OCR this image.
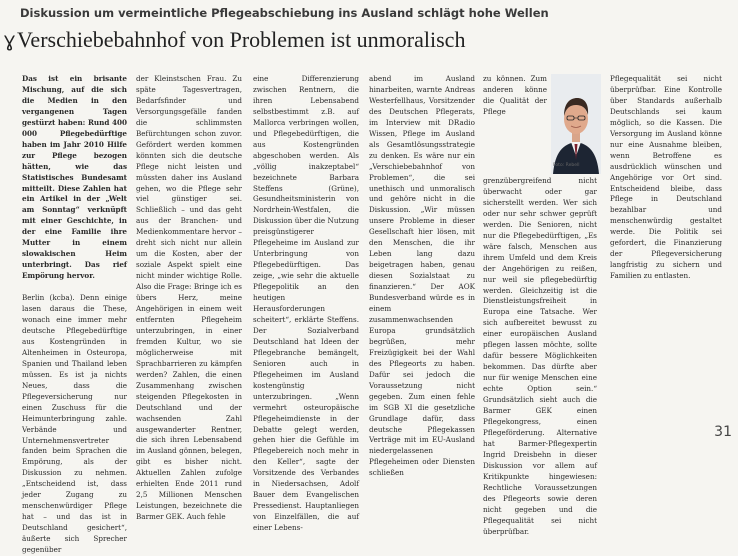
Diskussion um vermeintliche Pflegeabschiebung ins Ausland schlägt hohe Wellen
ƔVerschiebebahnhof von Problemen ist unmoralisch

Das ist ein brisante Mischung, auf die sich die Medien in den vergangenen Tagen gestürzt haben: Rund 400 000 Pflegebedürftige haben im Jahr 2010 Hilfe zur Pflege bezogen hätten, wie das Statistisches Bundesamt mitteilt. Diese Zahlen hat ein Artikel in der „Welt am Sonntag“ verknüpft mit einer Geschichte, in der eine Familie ihre Mutter in einem slowakischen Heim unterbringt. Das rief Empörung hervor.

Berlin (kcba). Denn einige lasen daraus die These, wonach eine immer mehr deutsche Pflegebedürftige aus Kostengründen in Altenheimen in Osteuropa, Spanien und Thailand leben müssen. Es ist ja nichts Neues, dass die Pflegeversicherung nur einen Zuschuss für die Heimunterbringung zahle. Verbände und Unternehmensvertreter fanden beim Sprachen die Empörung, als der Diskussion zu nehmen. „Entscheidend ist, dass jeder Zugang zu menschenwürdiger Pflege hat – und das ist in Deutschland gesichert“, äußerte sich Sprecher gegenüber

der Kleinstschen Frau. Zu späte Tagesvertragen, Bedarfsfinder und Versorgungsgefälle fanden die schlimmsten Befürchtungen schon zuvor. Gefördert werden kommen könnten sich die deutsche Pflege nicht leisten und müssten daher ins Ausland gehen, wo die Pflege sehr viel günstiger sei. Schließlich – und das geht aus der Branchen- und Medienkommentare hervor – dreht sich nicht nur allein um die Kosten, aber der soziale Aspekt spielt eine nicht minder wichtige Rolle. Also die Frage: Bringe ich es übers Herz, meine Angehörigen in einem weit entfernten Pflegeheim unterzubringen, in einer fremden Kultur, wo sie möglicherweise mit Sprachbarrieren zu kämpfen werden? Zahlen, die einen Zusammenhang zwischen steigenden Pflegekosten in Deutschland und der wachsenden Zahl ausgewanderter Rentner, die sich ihren Lebensabend im Ausland gönnen, belegen, gibt es bisher nicht. Aktuellen Zahlen zufolge erhielten Ende 2011 rund 2,5 Millionen Menschen Leistungen, bezeichnete die Barmer GEK. Auch fehle

eine Differenzierung zwischen Rentnern, die ihren Lebensabend selbstbestimmt z.B. auf Mallorca verbringen wollen, und Pflegebedürftigen, die aus Kostengründen abgeschoben werden. Als „völlig inakzeptabel“ bezeichnete Barbara Steffens (Grüne), Gesundheitsministerin von Nordrhein-Westfalen, die Diskussion über die Nutzung preisgünstigerer Pflegeheime im Ausland zur Unterbringung von Pflegebedürftigen. Das zeige, „wie sehr die aktuelle Pflegepolitik an den heutigen Herausforderungen scheitert“, erklärte Steffens. Der Sozialverband Deutschland hat Ideen der Pflegebranche bemängelt, Senioren auch in Pflegeheimen im Ausland kostengünstig unterzubringen. „Wenn vermehrt osteuropäische Pflegeheimdienste in der Debatte gelegt werden, gehen hier die Gefühle im Pflegebereich noch mehr in den Keller“, sagte der Vorsitzende des Verbandes in Niedersachsen, Adolf Bauer dem Evangelischen Pressedienst. Hauptanliegen von Einzelfällen, die auf einer Lebens-

abend im Ausland hinarbeiten, warnte Andreas Westerfellhaus, Vorsitzender des Deutschen Pflegerats, im Interview mit DRadio Wissen, Pflege im Ausland als Gesamtlösungsstrategie zu denken. Es wäre nur ein „Verschiebebahnhof von Problemen“, die sei unethisch und unmoralisch und gehöre nicht in die Diskussion. „Wir müssen unsere Probleme in dieser Gesellschaft hier lösen, mit den Menschen, die ihr Leben lang dazu beigetragen haben, genau diesen Sozialstaat zu finanzieren.“ Der AOK Bundesverband würde es in einem zusammenwachsenden Europa grundsätzlich begrüßen, mehr Freizügigkeit bei der Wahl des Pflegeorts zu haben. Dafür sei jedoch die Voraussetzung nicht gegeben. Zum einen fehle im SGB XI die gesetzliche Grundlage dafür, dass deutsche Pflegekassen Verträge mit im EU-Ausland niedergelassenen Pflegeheimen oder Diensten schließen

Foto: Rebell

zu können. Zum anderen könne die Qualität der Pflege grenzübergreifend nicht überwacht oder gar sicherstellt werden. Wer sich oder nur sehr schwer geprüft werden. Die Senioren, nicht nur die Pflegebedürftigen, „Es wäre falsch, Menschen aus ihrem Umfeld und dem Kreis der Angehörigen zu reißen, nur weil sie pflegebedürftig werden. Gleichzeitig ist die Dienstleistungsfreiheit in Europa eine Tatsache. Wer sich aufbereitet bewusst zu einer europäischen Ausland pflegen lassen möchte, sollte dafür bessere Möglichkeiten bekommen. Das dürfte aber nur für wenige Menschen eine echte Option sein.“ Grundsätzlich sieht auch die Barmer GEK einen Pflegekongress, einen Pflegeförderung. Alternative hat Barmer-Pflegexpertin Ingrid Dreisbehn in dieser Diskussion vor allem auf Kritikpunkte hingewiesen: Rechtliche Voraussetzungen des Pflegeorts sowie deren nicht gegeben und die Pflegequalität sei nicht überprüfbar.

Pflegequalität sei nicht überprüfbar. Eine Kontrolle über Standards außerhalb Deutschlands sei kaum möglich, so die Kassen. Die Versorgung im Ausland könne nur eine Ausnahme bleiben, wenn Betroffene es ausdrücklich wünschen und Angehörige vor Ort sind. Entscheidend bleibe, dass Pflege in Deutschland bezahlbar und menschenwürdig gestaltet werde. Die Politik sei gefordert, die Finanzierung der Pflegeversicherung langfristig zu sichern und Familien zu entlasten.

31
